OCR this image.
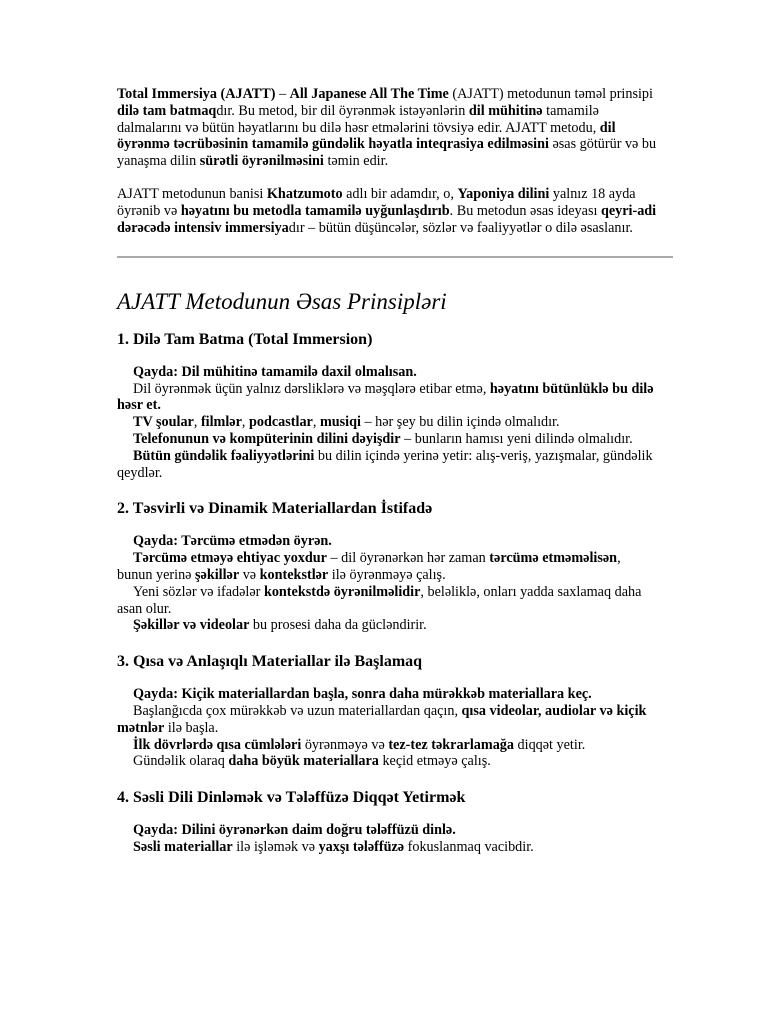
Total Immersiya (AJATT) – All Japanese All The Time (AJATT) metodunun təməl prinsipi dilə tam batmaqdır. Bu metod, bir dil öyrənmək istəyənlərin dil mühitinə tamamilə dalmalarını və bütün həyatlarını bu dilə həsr etmələrini tövsiyə edir. AJATT metodu, dil öyrənmə təcrübəsinin tamamilə gündəlik həyatla inteqrasiya edilməsini əsas götürür və bu yanaşma dilin sürətli öyrənilməsini təmin edir.

AJATT metodunun banisi Khatzumoto adlı bir adamdır, o, Yaponiya dilini yalnız 18 ayda öyrənib və həyatını bu metodla tamamilə uyğunlaşdırıb. Bu metodun əsas ideyası qeyri-adi dərəcədə intensiv immersiyadır – bütün düşüncələr, sözlər və fəaliyyətlər o dilə əsaslanır.

AJATT Metodunun Əsas Prinsipləri
1. Dilə Tam Batma (Total Immersion)

Qayda: Dil mühitinə tamamilə daxil olmalısan.

Dil öyrənmək üçün yalnız dərsliklərə və məşqlərə etibar etmə, həyatını bütünlüklə bu dilə həsr et.

TV şoular, filmlər, podcastlar, musiqi – hər şey bu dilin içində olmalıdır.

Telefonunun və kompüterinin dilini dəyişdir – bunların hamısı yeni dilində olmalıdır.

Bütün gündəlik fəaliyyətlərini bu dilin içində yerinə yetir: alış-veriş, yazışmalar, gündəlik qeydlər.

2. Təsvirli və Dinamik Materiallardan İstifadə

Qayda: Tərcümə etmədən öyrən.

Tərcümə etməyə ehtiyac yoxdur – dil öyrənərkən hər zaman tərcümə etməməlisən, bunun yerinə şəkillər və kontekstlər ilə öyrənməyə çalış.

Yeni sözlər və ifadələr kontekstdə öyrənilməlidir, beləliklə, onları yadda saxlamaq daha asan olur.

Şəkillər və videolar bu prosesi daha da gücləndirir.

3. Qısa və Anlaşıqlı Materiallar ilə Başlamaq

Qayda: Kiçik materiallardan başla, sonra daha mürəkkəb materiallara keç.

Başlanğıcda çox mürəkkəb və uzun materiallardan qaçın, qısa videolar, audiolar və kiçik mətnlər ilə başla.

İlk dövrlərdə qısa cümlələri öyrənməyə və tez-tez təkrarlamağa diqqət yetir.

Gündəlik olaraq daha böyük materiallara keçid etməyə çalış.

4. Səsli Dili Dinləmək və Tələffüzə Diqqət Yetirmək

Qayda: Dilini öyrənərkən daim doğru tələffüzü dinlə.

Səsli materiallar ilə işləmək və yaxşı tələffüzə fokuslanmaq vacibdir.
